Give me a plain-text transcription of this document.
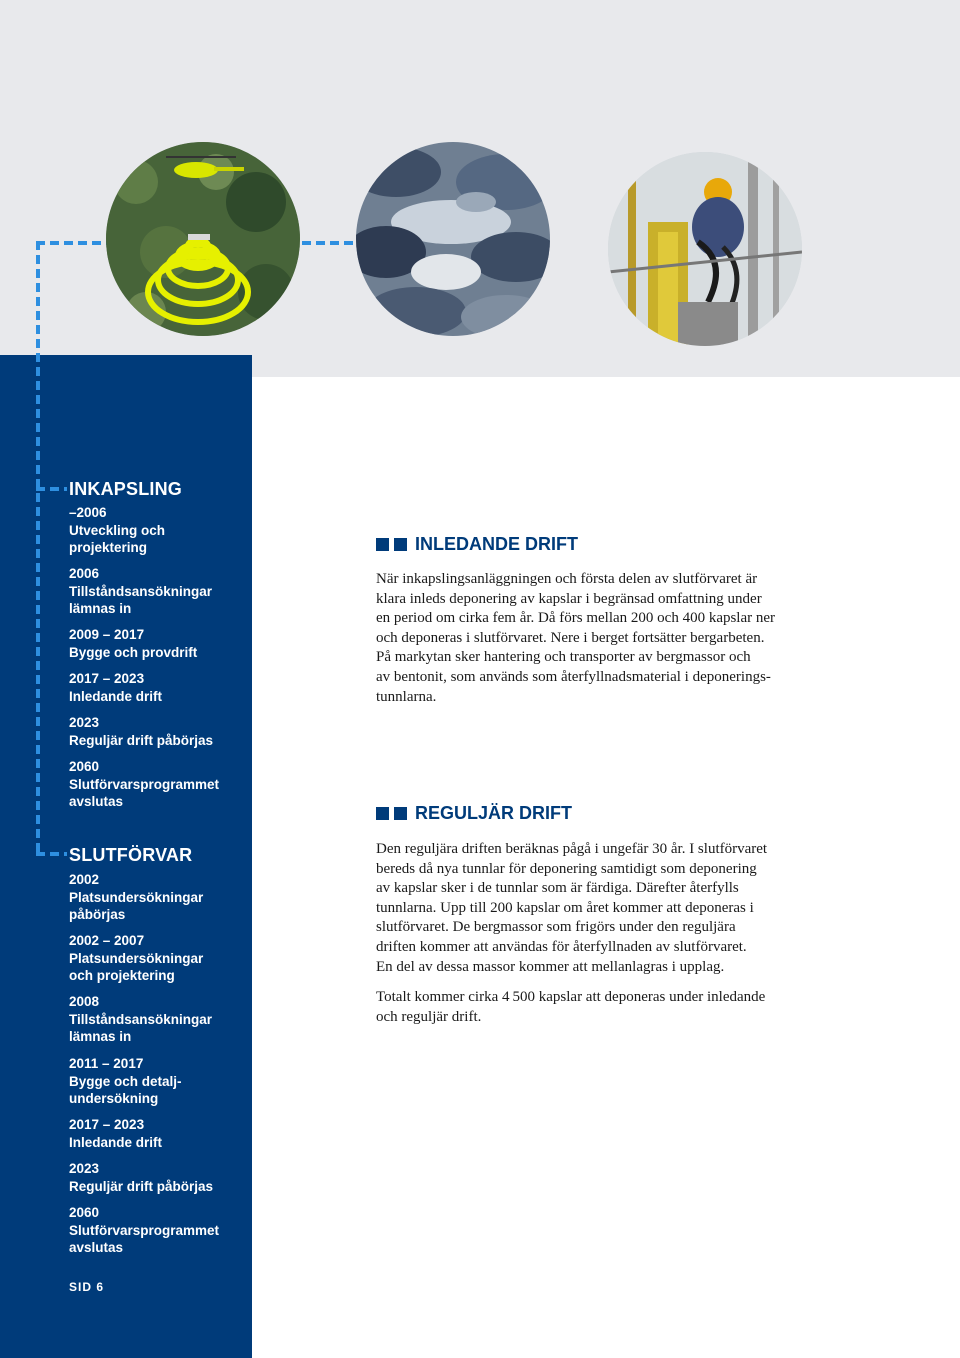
INKAPSLING
–2006
Utveckling och
projektering
2006
Tillståndsansökningar
lämnas in
2009 – 2017
Bygge och provdrift
2017 – 2023
Inledande drift
2023
Reguljär drift påbörjas
2060
Slutförvarsprogrammet
avslutas
SLUTFÖRVAR
2002
Platsundersökningar
påbörjas
2002 – 2007
Platsundersökningar
och projektering
2008
Tillståndsansökningar
lämnas in
2011 – 2017
Bygge och detalj-
undersökning
2017 – 2023
Inledande drift
2023
Reguljär drift påbörjas
2060
Slutförvarsprogrammet
avslutas
SID 6
INLEDANDE DRIFT
När inkapslingsanläggningen och första delen av slutförvaret är
klara inleds deponering av kapslar i begränsad omfattning under
en period om cirka fem år. Då förs mellan 200 och 400 kapslar ner
och deponeras i slutförvaret. Nere i berget fortsätter bergarbeten.
På markytan sker hantering och transporter av bergmassor och
av bentonit, som används som återfyllnadsmaterial i deponerings-
tunnlarna.
REGULJÄR DRIFT
Den reguljära driften beräknas pågå i ungefär 30 år. I slutförvaret
bereds då nya tunnlar för deponering samtidigt som deponering
av kapslar sker i de tunnlar som är färdiga. Därefter återfylls
tunnlarna. Upp till 200 kapslar om året kommer att deponeras i
slutförvaret. De bergmassor som frigörs under den reguljära
driften kommer att användas för återfyllnaden av slutförvaret.
En del av dessa massor kommer att mellanlagras i upplag.
Totalt kommer cirka 4 500 kapslar att deponeras under inledande
och reguljär drift.
